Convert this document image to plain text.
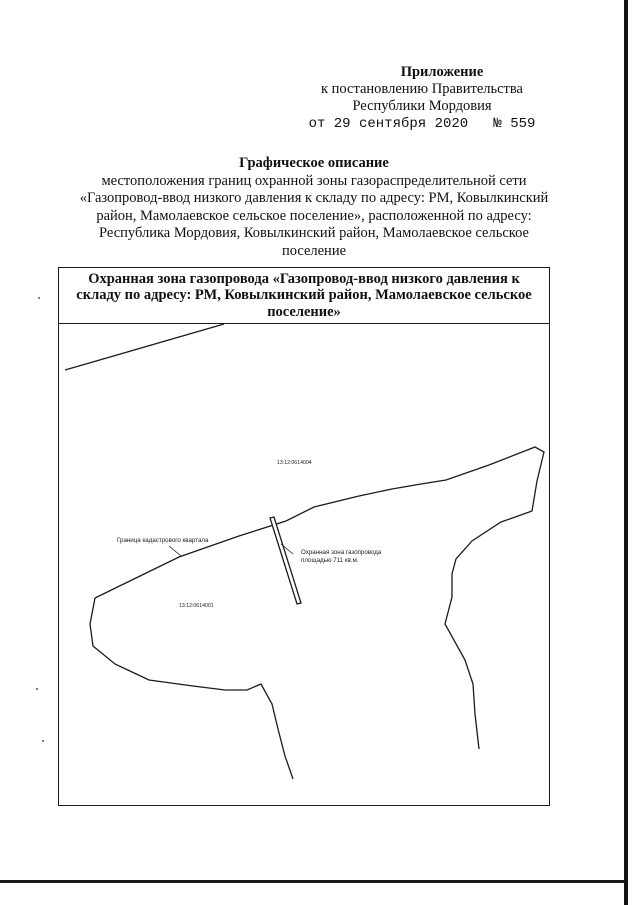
Приложение
к постановлению Правительства
Республики Мордовия
от 29 сентября 2020 № 559
Графическое описание
местоположения границ охранной зоны газораспределительной сети «Газопровод-ввод низкого давления к складу по адресу: РМ, Ковылкинский район, Мамолаевское сельское поселение», расположенной по адресу: Республика Мордовия, Ковылкинский район, Мамолаевское сельское поселение
Охранная зона газопровода «Газопровод-ввод низкого давления к складу по адресу: РМ, Ковылкинский район, Мамолаевское сельское поселение»
13:12:0614004
13:12:0614001
Граница кадастрового квартала
Охранная зона газопровода
площадью 711 кв.м.
